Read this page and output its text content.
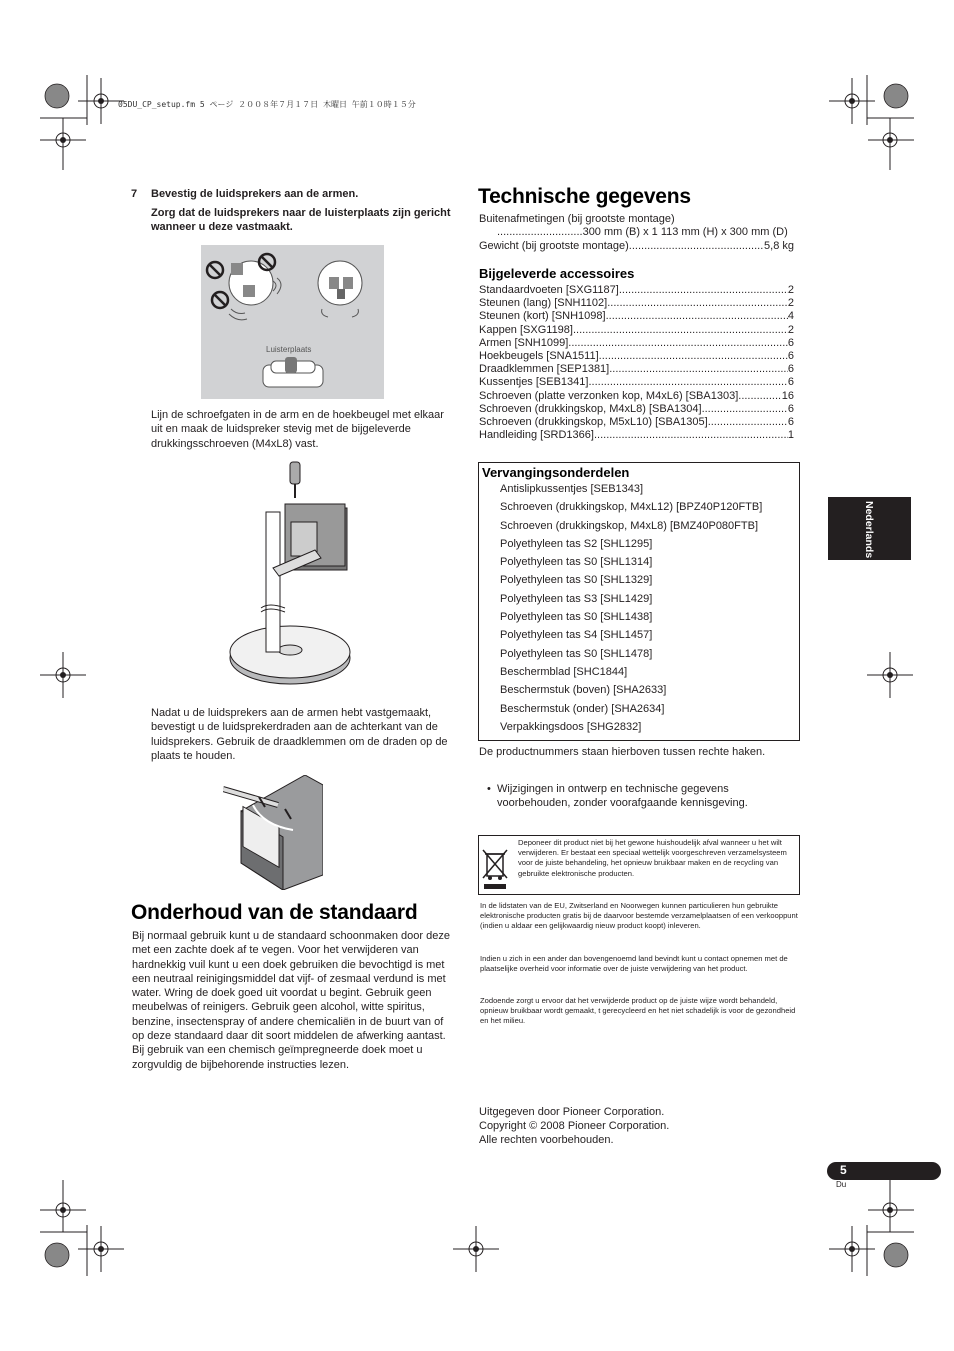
05DU_CP_setup.fm 5 ページ ２００８年７月１７日 木曜日 午前１０時１５分
7 Bevestig de luidsprekers aan de armen.
Zorg dat de luidsprekers naar de luisterplaats zijn gericht wanneer u deze vastmaakt.
Luisterplaats
Lijn de schroefgaten in de arm en de hoekbeugel met elkaar uit en maak de luidspreker stevig met de bijgeleverde drukkingsschroeven (M4xL8) vast.
Nadat u de luidsprekers aan de armen hebt vastgemaakt, bevestigt u de luidsprekerdraden aan de achterkant van de luidsprekers. Gebruik de draadklemmen om de draden op de plaats te houden.
Onderhoud van de standaard
Bij normaal gebruik kunt u de standaard schoonmaken door deze met een zachte doek af te vegen. Voor het verwijderen van hardnekkig vuil kunt u een doek gebruiken die bevochtigd is met een neutraal reinigingsmiddel dat vijf- of zesmaal verdund is met water. Wring de doek goed uit voordat u begint. Gebruik geen meubelwas of reinigers. Gebruik geen alcohol, witte spiritus, benzine, insectenspray of andere chemicaliën in de buurt van of op deze standaard daar dit soort middelen de afwerking aantast. Bij gebruik van een chemisch geïmpregneerde doek moet u zorgvuldig de bijbehorende instructies lezen.
Technische gegevens
Buitenafmetingen (bij grootste montage)
............................300 mm (B) x 1 113 mm (H) x 300 mm (D)
Gewicht (bij grootste montage) .....	5,8 kg
Bijgeleverde accessoires
Standaardvoeten [SXG1187] .....	2
Steunen (lang) [SNH1102] .....	2
Steunen (kort) [SNH1098] .....	4
Kappen [SXG1198] .....	2
Armen [SNH1099] .....	6
Hoekbeugels [SNA1511] .....	6
Draadklemmen [SEP1381] .....	6
Kussentjes [SEB1341] .....	6
Schroeven (platte verzonken kop, M4xL6) [SBA1303] .....	16
Schroeven (drukkingskop, M4xL8) [SBA1304] .....	6
Schroeven (drukkingskop, M5xL10) [SBA1305] .....	6
Handleiding [SRD1366] .....	1
Vervangingsonderdelen
Antislipkussentjes [SEB1343]
Schroeven (drukkingskop, M4xL12) [BPZ40P120FTB]
Schroeven (drukkingskop, M4xL8) [BMZ40P080FTB]
Polyethyleen tas S2 [SHL1295]
Polyethyleen tas S0 [SHL1314]
Polyethyleen tas S0 [SHL1329]
Polyethyleen tas S3 [SHL1429]
Polyethyleen tas S0 [SHL1438]
Polyethyleen tas S4 [SHL1457]
Polyethyleen tas S0 [SHL1478]
Beschermblad [SHC1844]
Beschermstuk (boven) [SHA2633]
Beschermstuk (onder) [SHA2634]
Verpakkingsdoos [SHG2832]
De productnummers staan hierboven tussen rechte haken.
• Wijzigingen in ontwerp en technische gegevens voorbehouden, zonder voorafgaande kennisgeving.
Deponeer dit product niet bij het gewone huishoudelijk afval wanneer u het wilt verwijderen. Er bestaat een speciaal wettelijk voorgeschreven verzamelsysteem voor de juiste behandeling, het opnieuw bruikbaar maken en de recycling van gebruikte elektronische producten.
In de lidstaten van de EU, Zwitserland en Noorwegen kunnen particulieren hun gebruikte elektronische producten gratis bij de daarvoor bestemde verzamelplaatsen of een verkooppunt (indien u aldaar een gelijkwaardig nieuw product koopt) inleveren.
Indien u zich in een ander dan bovengenoemd land bevindt kunt u contact opnemen met de plaatselijke overheid voor informatie over de juiste verwijdering van het product.
Zodoende zorgt u ervoor dat het verwijderde product op de juiste wijze wordt behandeld, opnieuw bruikbaar wordt gemaakt, t gerecycleerd en het niet schadelijk is voor de gezondheid en het milieu.
Uitgegeven door Pioneer Corporation.
Copyright © 2008 Pioneer Corporation.
Alle rechten voorbehouden.
Nederlands
5
Du
